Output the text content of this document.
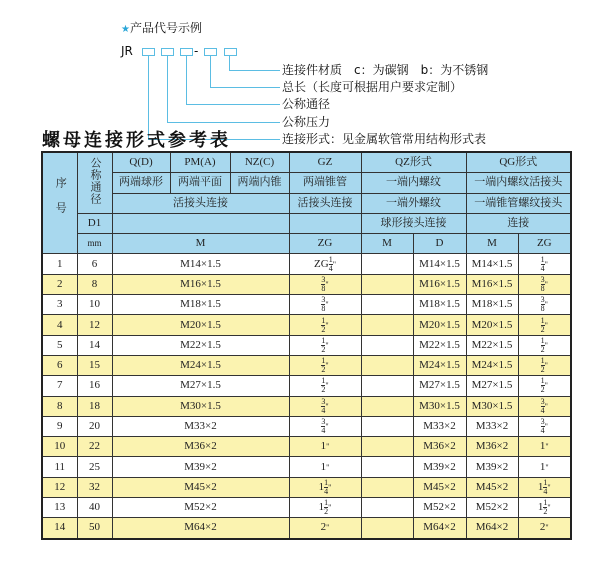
★产品代号示例
JR	-
连接件材质　c：为碳钢　b：为不锈钢
总长（长度可根据用户要求定制）
公称通径
公称压力
连接形式：见金属软管常用结构形式表
螺母连接形式参考表
序号	公称通径	Q(D)	PM(A)	NZ(C)	GZ	QZ形式		QG形式	
		两端球形	两端平面	两端内锥	两端锥管	一端内螺纹		一端内螺纹活接头	
		活接头连接			活接头连接	一端外螺纹		一端锥管螺纹接头	
	D1					球形接头连接		连接	
	mm	M			ZG	M	D	M	ZG
1	6	M14×1.5			ZG $\frac{1}{4}$ "		M14×1.5	M14×1.5	$\frac{1}{4}$ "
2	8	M16×1.5			$\frac{3}{8}$ "		M16×1.5	M16×1.5	$\frac{3}{8}$ "
3	10	M18×1.5			$\frac{3}{8}$ "		M18×1.5	M18×1.5	$\frac{3}{8}$ "
4	12	M20×1.5			$\frac{1}{2}$ "		M20×1.5	M20×1.5	$\frac{1}{2}$ "
5	14	M22×1.5			$\frac{1}{2}$ "		M22×1.5	M22×1.5	$\frac{1}{2}$ "
6	15	M24×1.5			$\frac{1}{2}$ "		M24×1.5	M24×1.5	$\frac{1}{2}$ "
7	16	M27×1.5			$\frac{1}{2}$ "		M27×1.5	M27×1.5	$\frac{1}{2}$ "
8	18	M30×1.5			$\frac{3}{4}$ "		M30×1.5	M30×1.5	$\frac{3}{4}$ "
9	20	M33×2			$\frac{3}{4}$ "		M33×2	M33×2	$\frac{3}{4}$ "
10	22	M36×2			1"		M36×2	M36×2	1"
11	25	M39×2			1"		M39×2	M39×2	1"
12	32	M45×2			$1 \frac{1}{4}$ "		M45×2	M45×2	$1 \frac{1}{4}$ "
13	40	M52×2			$1 \frac{1}{2}$ "		M52×2	M52×2	$1 \frac{1}{2}$ "
14	50	M64×2			2"		M64×2	M64×2	2"
